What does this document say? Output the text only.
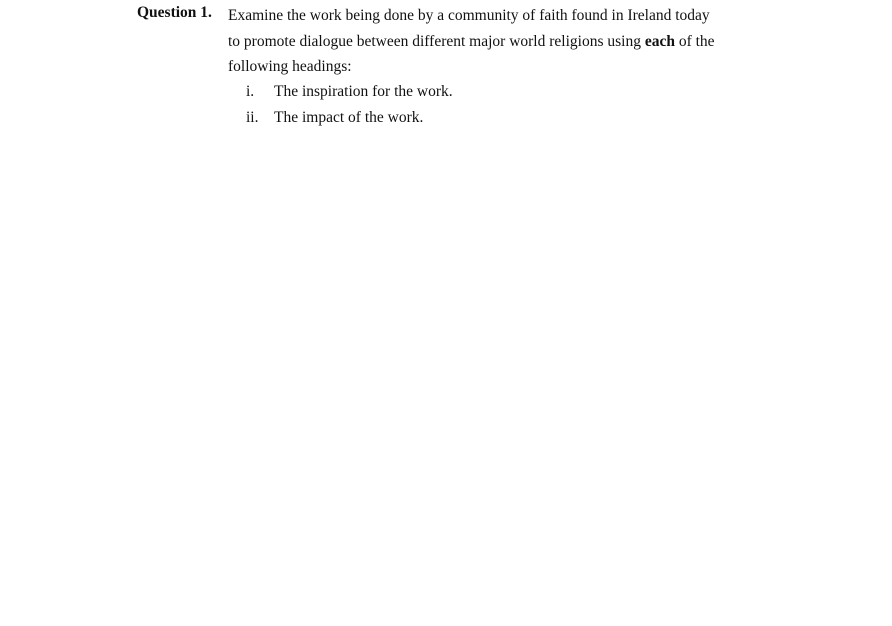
Question 1. Examine the work being done by a community of faith found in Ireland today
to promote dialogue between different major world religions using each of the
following headings:
i.	The inspiration for the work.
ii.	The impact of the work.
